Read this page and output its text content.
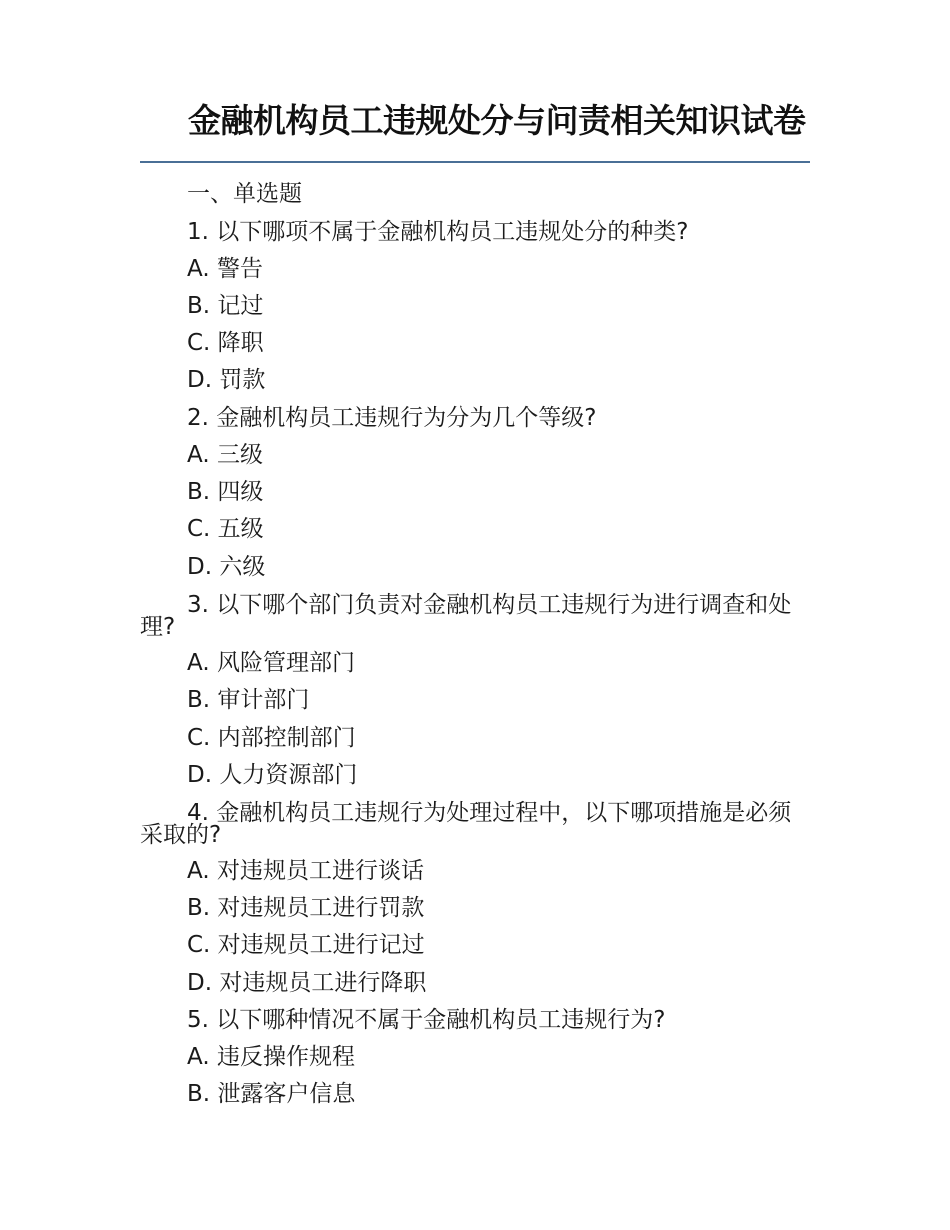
金融机构员工违规处分与问责相关知识试卷
一、单选题
1. 以下哪项不属于金融机构员工违规处分的种类?
A. 警告
B. 记过
C. 降职
D. 罚款
2. 金融机构员工违规行为分为几个等级?
A. 三级
B. 四级
C. 五级
D. 六级
3. 以下哪个部门负责对金融机构员工违规行为进行调查和处理?
A. 风险管理部门
B. 审计部门
C. 内部控制部门
D. 人力资源部门
4. 金融机构员工违规行为处理过程中，以下哪项措施是必须采取的?
A. 对违规员工进行谈话
B. 对违规员工进行罚款
C. 对违规员工进行记过
D. 对违规员工进行降职
5. 以下哪种情况不属于金融机构员工违规行为?
A. 违反操作规程
B. 泄露客户信息
